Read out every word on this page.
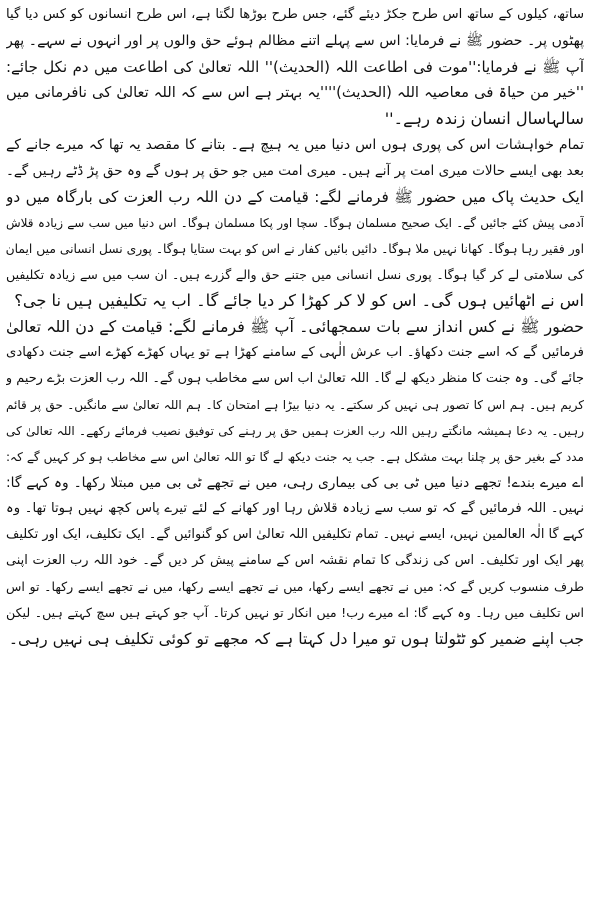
ساتھ، کیلوں کے ساتھ اس طرح جکڑ دیئے گئے، جس طرح بوڑھا لگتا ہے، اس طرح انسانوں کو کس دیا گیا
پھٹوں پر۔ حضور ﷺ نے فرمایا: اس سے پہلے اتنے مظالم ہوئے حق والوں پر اور انہوں نے سہے۔ پھر
آپ ﷺ نے فرمایا:''موت فی اطاعت اللہ (الحدیث)'' اللہ تعالیٰ کی اطاعت میں دم نکل جائے:
''خیر من حیاۃ فی معاصیہ اللہ (الحدیث)''''یہ بہتر ہے اس سے کہ اللہ تعالیٰ کی نافرمانی میں
سالہاسال انسان زندہ رہے۔''
تمام خواہشات اس کی پوری ہوں اس دنیا میں یہ ہیچ ہے۔ بتانے کا مقصد یہ تھا کہ میرے جانے کے
بعد بھی ایسے حالات میری امت پر آنے ہیں۔ میری امت میں جو حق پر ہوں گے وہ حق پڑ ڈٹے رہیں گے۔
ایک حدیث پاک میں حضور ﷺ فرمانے لگے: قیامت کے دن اللہ رب العزت کی بارگاہ میں دو
آدمی پیش کئے جائیں گے۔ ایک صحیح مسلمان ہوگا۔ سچا اور پکا مسلمان ہوگا۔ اس دنیا میں سب سے زیادہ قلاش
اور فقیر رہا ہوگا۔ کھانا نہیں ملا ہوگا۔ دائیں بائیں کفار نے اس کو بہت ستایا ہوگا۔ پوری نسل انسانی میں ایمان
کی سلامتی لے کر گیا ہوگا۔ پوری نسل انسانی میں جتنے حق والے گزرے ہیں۔ ان سب میں سے زیادہ تکلیفیں
اس نے اٹھائیں ہوں گی۔ اس کو لا کر کھڑا کر دیا جائے گا۔ اب یہ تکلیفیں ہیں نا جی؟
حضور ﷺ نے کس انداز سے بات سمجھائی۔ آپ ﷺ فرمانے لگے: قیامت کے دن اللہ تعالیٰ
فرمائیں گے کہ اسے جنت دکھاؤ۔ اب عرش الٰہی کے سامنے کھڑا ہے تو یہاں کھڑے کھڑے اسے جنت دکھادی
جائے گی۔ وہ جنت کا منظر دیکھ لے گا۔ اللہ تعالیٰ اب اس سے مخاطب ہوں گے۔ اللہ رب العزت بڑے رحیم و
کریم ہیں۔ ہم اس کا تصور ہی نہیں کر سکتے۔ یہ دنیا بیڑا ہے امتحان کا۔ ہم اللہ تعالیٰ سے مانگیں۔ حق پر قائم
رہیں۔ یہ دعا ہمیشہ مانگتے رہیں اللہ رب العزت ہمیں حق پر رہنے کی توفیق نصیب فرمائے رکھے۔ اللہ تعالیٰ کی
مدد کے بغیر حق پر چلنا بہت مشکل ہے۔ جب یہ جنت دیکھ لے گا تو اللہ تعالیٰ اس سے مخاطب ہو کر کہیں گے کہ:
اے میرے بندے! تجھے دنیا میں ٹی بی کی بیماری رہی، میں نے تجھے ٹی بی میں مبتلا رکھا۔ وہ کہے گا:
نہیں۔ اللہ فرمائیں گے کہ تو سب سے زیادہ قلاش رہا اور کھانے کے لئے تیرے پاس کچھ نہیں ہوتا تھا۔ وہ
کہے گا الٰہ العالمین نہیں، ایسے نہیں۔ تمام تکلیفیں اللہ تعالیٰ اس کو گنوائیں گے۔ ایک تکلیف، ایک اور تکلیف
پھر ایک اور تکلیف۔ اس کی زندگی کا تمام نقشہ اس کے سامنے پیش کر دیں گے۔ خود اللہ رب العزت اپنی
طرف منسوب کریں گے کہ: میں نے تجھے ایسے رکھا، میں نے تجھے ایسے رکھا، میں نے تجھے ایسے رکھا۔ تو اس
اس تکلیف میں رہا۔ وہ کہے گا: اے میرے رب! میں انکار تو نہیں کرتا۔ آپ جو کہتے ہیں سچ کہتے ہیں۔ لیکن
جب اپنے ضمیر کو ٹٹولتا ہوں تو میرا دل کہتا ہے کہ مجھے تو کوئی تکلیف ہی نہیں رہی۔
